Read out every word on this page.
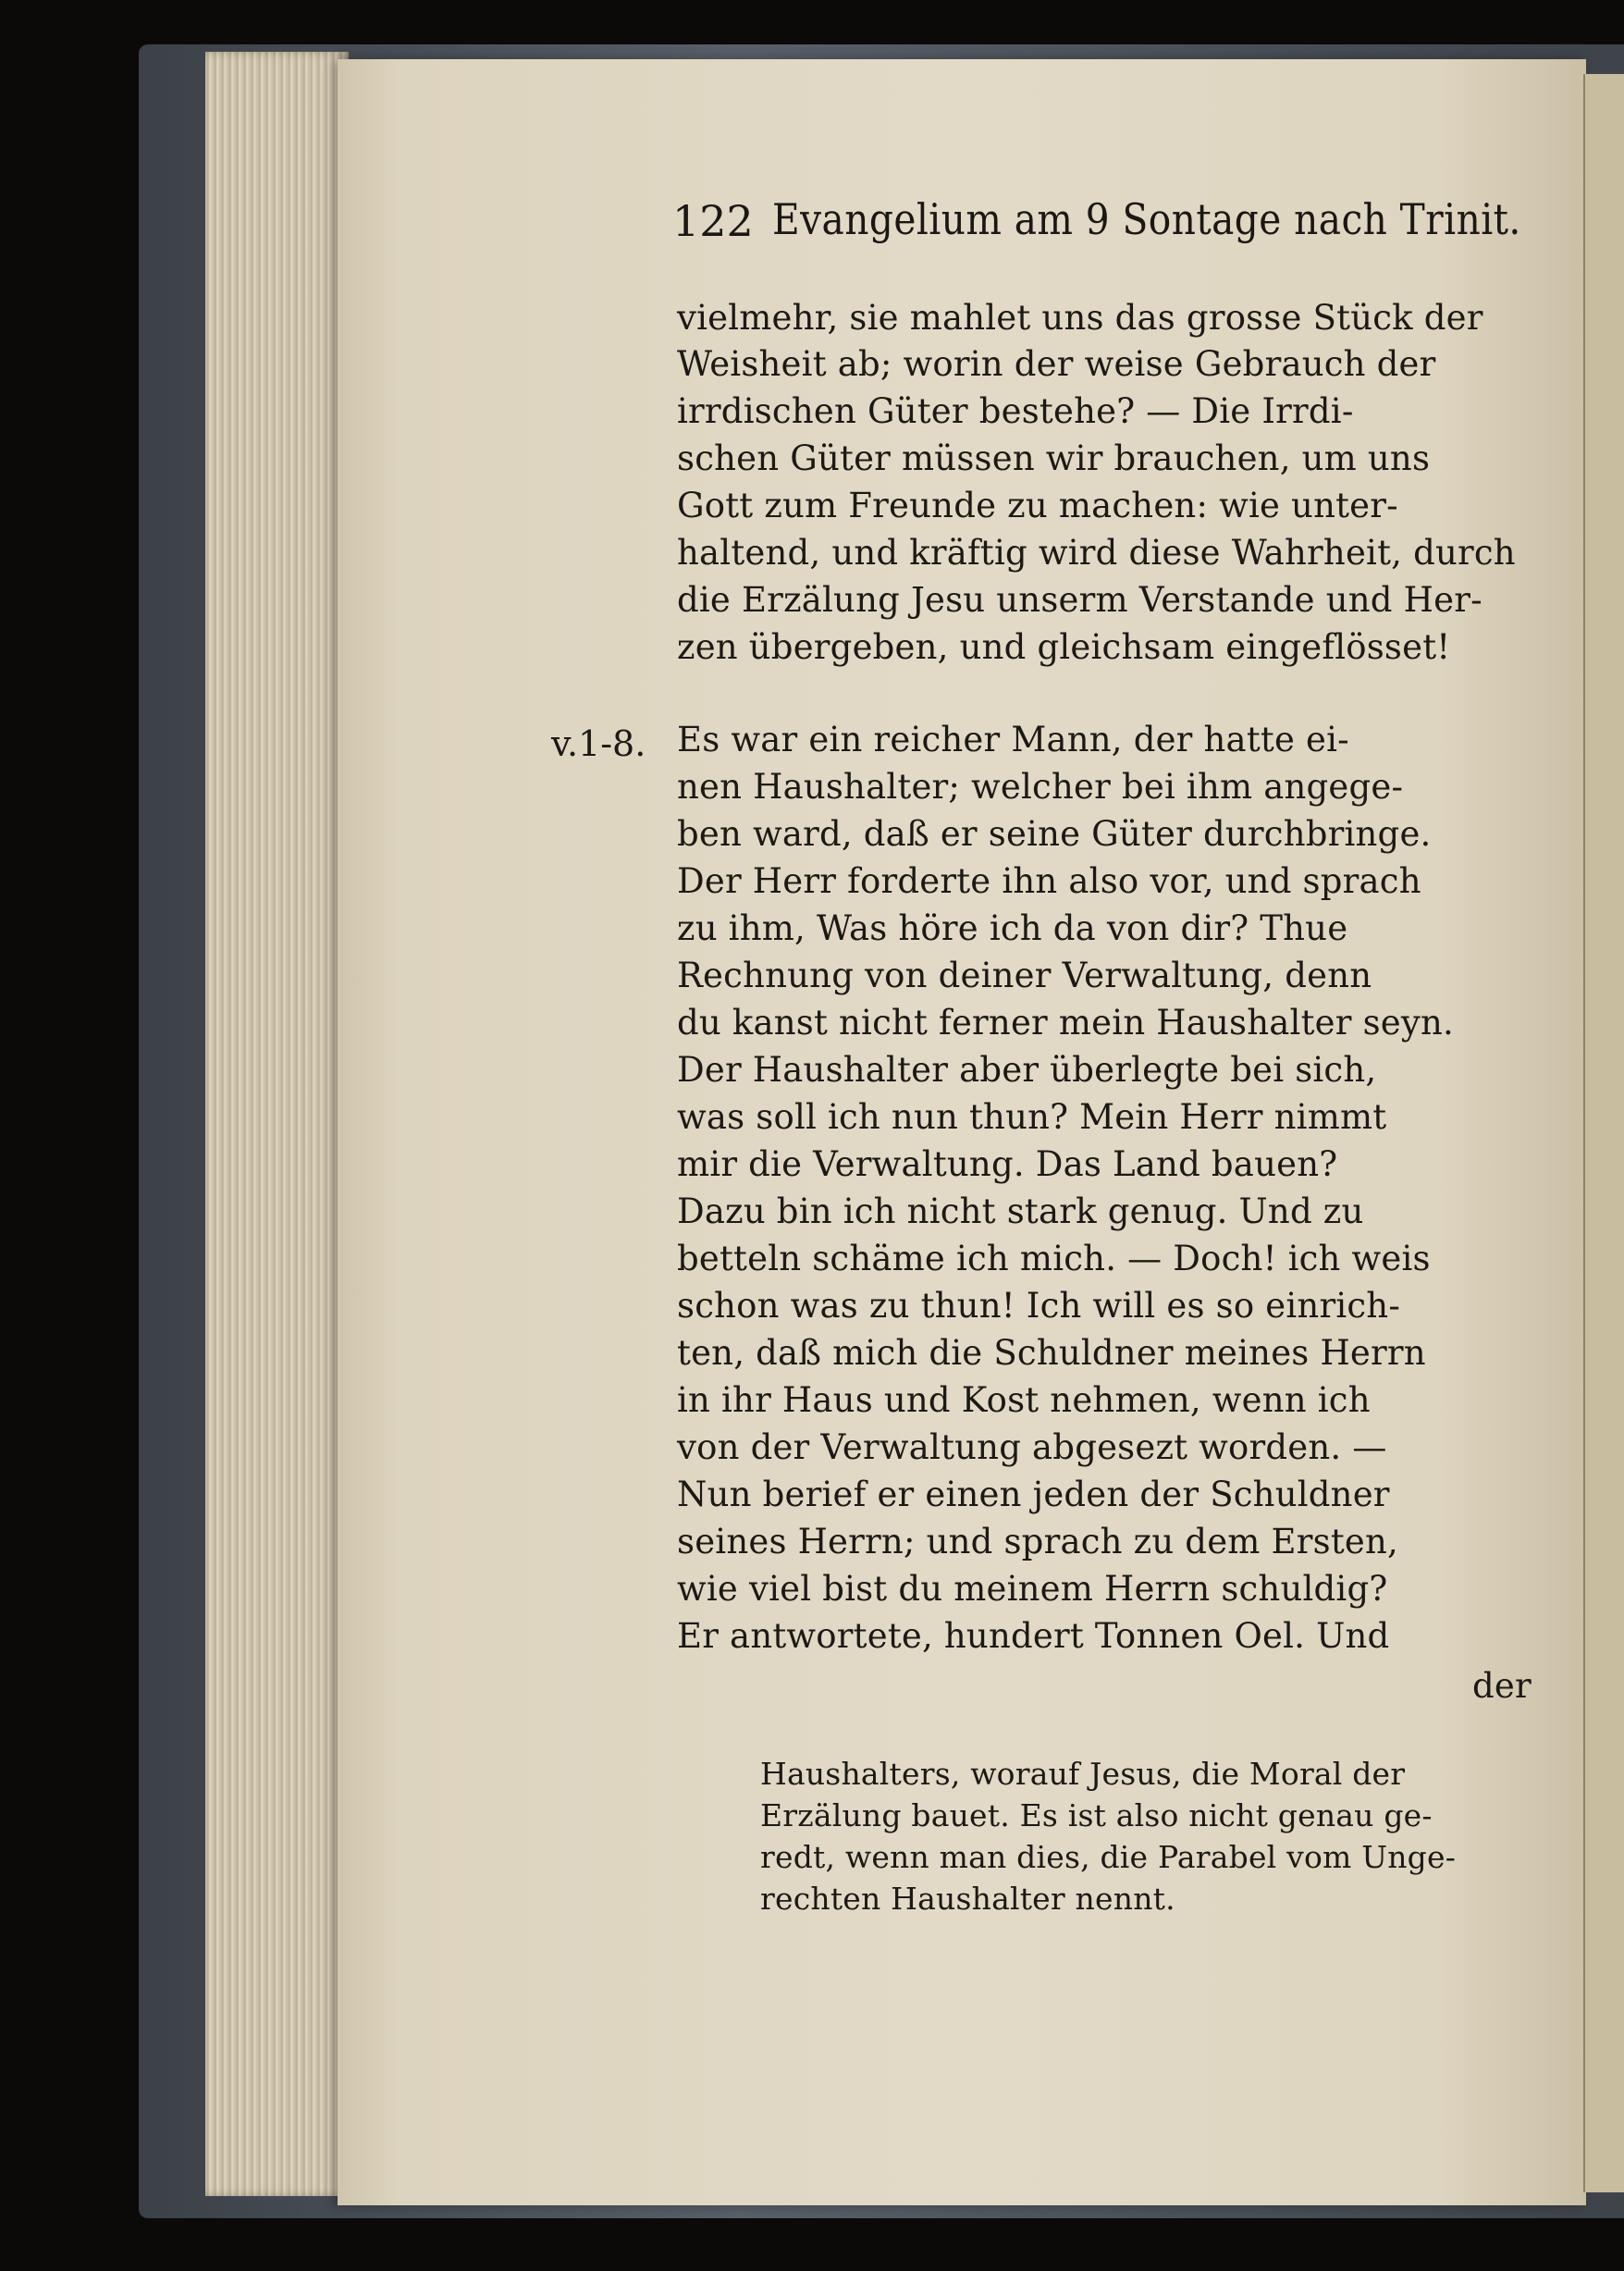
122 Evangelium am 9 Sontage nach Trinit.
vielmehr, sie mahlet uns das grosse Stück der
Weisheit ab; worin der weise Gebrauch der
irrdischen Güter bestehe? — Die Irrdi-
schen Güter müssen wir brauchen, um uns
Gott zum Freunde zu machen: wie unter-
haltend, und kräftig wird diese Wahrheit, durch
die Erzälung Jesu unserm Verstande und Her-
zen übergeben, und gleichsam eingeflösset!
v.1-8. Es war ein reicher Mann, der hatte ei-
nen Haushalter; welcher bei ihm angege-
ben ward, daß er seine Güter durchbringe.
Der Herr forderte ihn also vor, und sprach
zu ihm, Was höre ich da von dir? Thue
Rechnung von deiner Verwaltung, denn
du kanst nicht ferner mein Haushalter seyn.
Der Haushalter aber überlegte bei sich,
was soll ich nun thun? Mein Herr nimmt
mir die Verwaltung. Das Land bauen?
Dazu bin ich nicht stark genug. Und zu
betteln schäme ich mich. — Doch! ich weis
schon was zu thun! Ich will es so einrich-
ten, daß mich die Schuldner meines Herrn
in ihr Haus und Kost nehmen, wenn ich
von der Verwaltung abgesezt worden. —
Nun berief er einen jeden der Schuldner
seines Herrn; und sprach zu dem Ersten,
wie viel bist du meinem Herrn schuldig?
Er antwortete, hundert Tonnen Oel. Und
der
Haushalters, worauf Jesus, die Moral der
Erzälung bauet. Es ist also nicht genau ge-
redt, wenn man dies, die Parabel vom Unge-
rechten Haushalter nennt.
